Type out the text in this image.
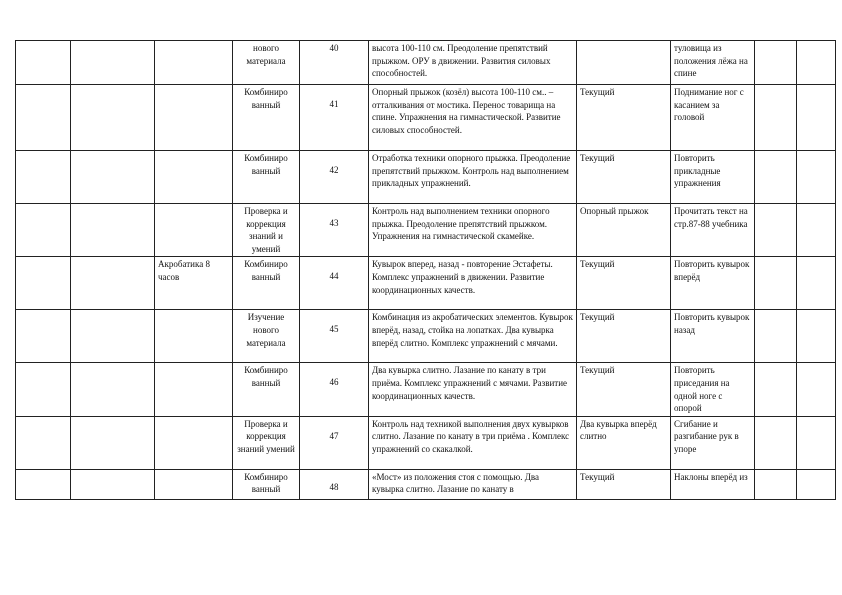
			нового материала	40	высота 100-110 см. Преодоление препятствий прыжком. ОРУ в движении. Развития силовых способностей.		туловища из положения лёжа на спине		
			Комбиниро ванный	41	Опорный прыжок (козёл) высота 100-110 см.. – отталкивания от мостика. Перенос товарища на спине. Упражнения на гимнастической. Развитие силовых способностей.	Текущий	Поднимание ног с касанием за головой		
			Комбиниро ванный	42	Отработка техники опорного прыжка. Преодоление препятствий прыжком. Контроль над выполнением прикладных упражнений.	Текущий	Повторить прикладные упражнения		
			Проверка и коррекция знаний и умений	43	Контроль над выполнением техники опорного прыжка. Преодоление препятствий прыжком. Упражнения на гимнастической скамейке.	Опорный прыжок	Прочитать текст на стр.87-88 учебника		
		Акробатика 8 часов	Комбиниро ванный	44	Кувырок вперед, назад - повторение Эстафеты. Комплекс упражнений в движении. Развитие координационных качеств.	Текущий	Повторить кувырок вперёд		
			Изучение нового материала	45	Комбинация из акробатических элементов. Кувырок вперёд, назад, стойка на лопатках. Два кувырка вперёд слитно. Комплекс упражнений с мячами.	Текущий	Повторить кувырок назад		
			Комбиниро ванный	46	Два кувырка слитно. Лазание по канату в три приёма. Комплекс упражнений с мячами. Развитие координационных качеств.	Текущий	Повторить приседания на одной ноге с опорой		
			Проверка и коррекция знаний умений	47	Контроль над техникой выполнения двух кувырков слитно. Лазание по канату в три приёма . Комплекс упражнений со скакалкой.	Два кувырка вперёд слитно	Сгибание и разгибание рук в упоре		
			Комбиниро ванный	48	«Мост» из положения стоя с помощью. Два кувырка слитно. Лазание по канату в	Текущий	Наклоны вперёд из		
